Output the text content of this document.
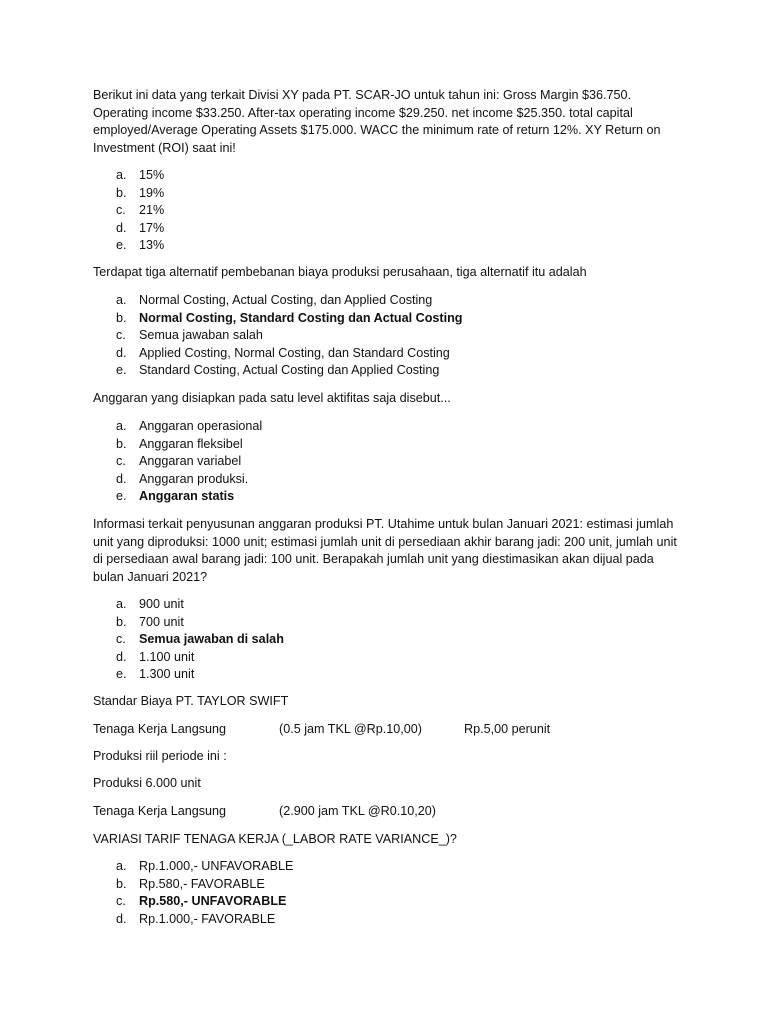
Berikut ini data yang terkait Divisi XY pada PT. SCAR-JO untuk tahun ini: Gross Margin $36.750. Operating income $33.250. After-tax operating income $29.250. net income $25.350. total capital employed/Average Operating Assets $175.000. WACC the minimum rate of return 12%. XY Return on Investment (ROI) saat ini!

a. 15%
b. 19%
c.	21%
d. 17%
e. 13%

Terdapat tiga alternatif pembebanan biaya produksi perusahaan, tiga alternatif itu adalah

a. Normal Costing, Actual Costing, dan Applied Costing
b. Normal Costing, Standard Costing dan Actual Costing
c.	Semua jawaban salah
d. Applied Costing, Normal Costing, dan Standard Costing
e. Standard Costing, Actual Costing dan Applied Costing

Anggaran yang disiapkan pada satu level aktifitas saja disebut...

a. Anggaran operasional
b. Anggaran fleksibel
c.	Anggaran variabel
d. Anggaran produksi.
e. Anggaran statis

Informasi terkait penyusunan anggaran produksi PT. Utahime untuk bulan Januari 2021: estimasi jumlah unit yang diproduksi: 1000 unit; estimasi jumlah unit di persediaan akhir barang jadi: 200 unit, jumlah unit di persediaan awal barang jadi: 100 unit. Berapakah jumlah unit yang diestimasikan akan dijual pada bulan Januari 2021?

a. 900 unit
b. 700 unit
c.	Semua jawaban di salah
d. 1.100 unit
e. 1.300 unit
Standar Biaya PT. TAYLOR SWIFT
Tenaga Kerja Langsung	(0.5 jam TKL @Rp.10,00)	Rp.5,00 perunit
Produksi riil periode ini :
Produksi 6.000 unit
Tenaga Kerja Langsung	(2.900 jam TKL @R0.10,20)
VARIASI TARIF TENAGA KERJA (_LABOR RATE VARIANCE_)?
a. Rp.1.000,- UNFAVORABLE
b. Rp.580,- FAVORABLE
c.	Rp.580,- UNFAVORABLE
d. Rp.1.000,- FAVORABLE
